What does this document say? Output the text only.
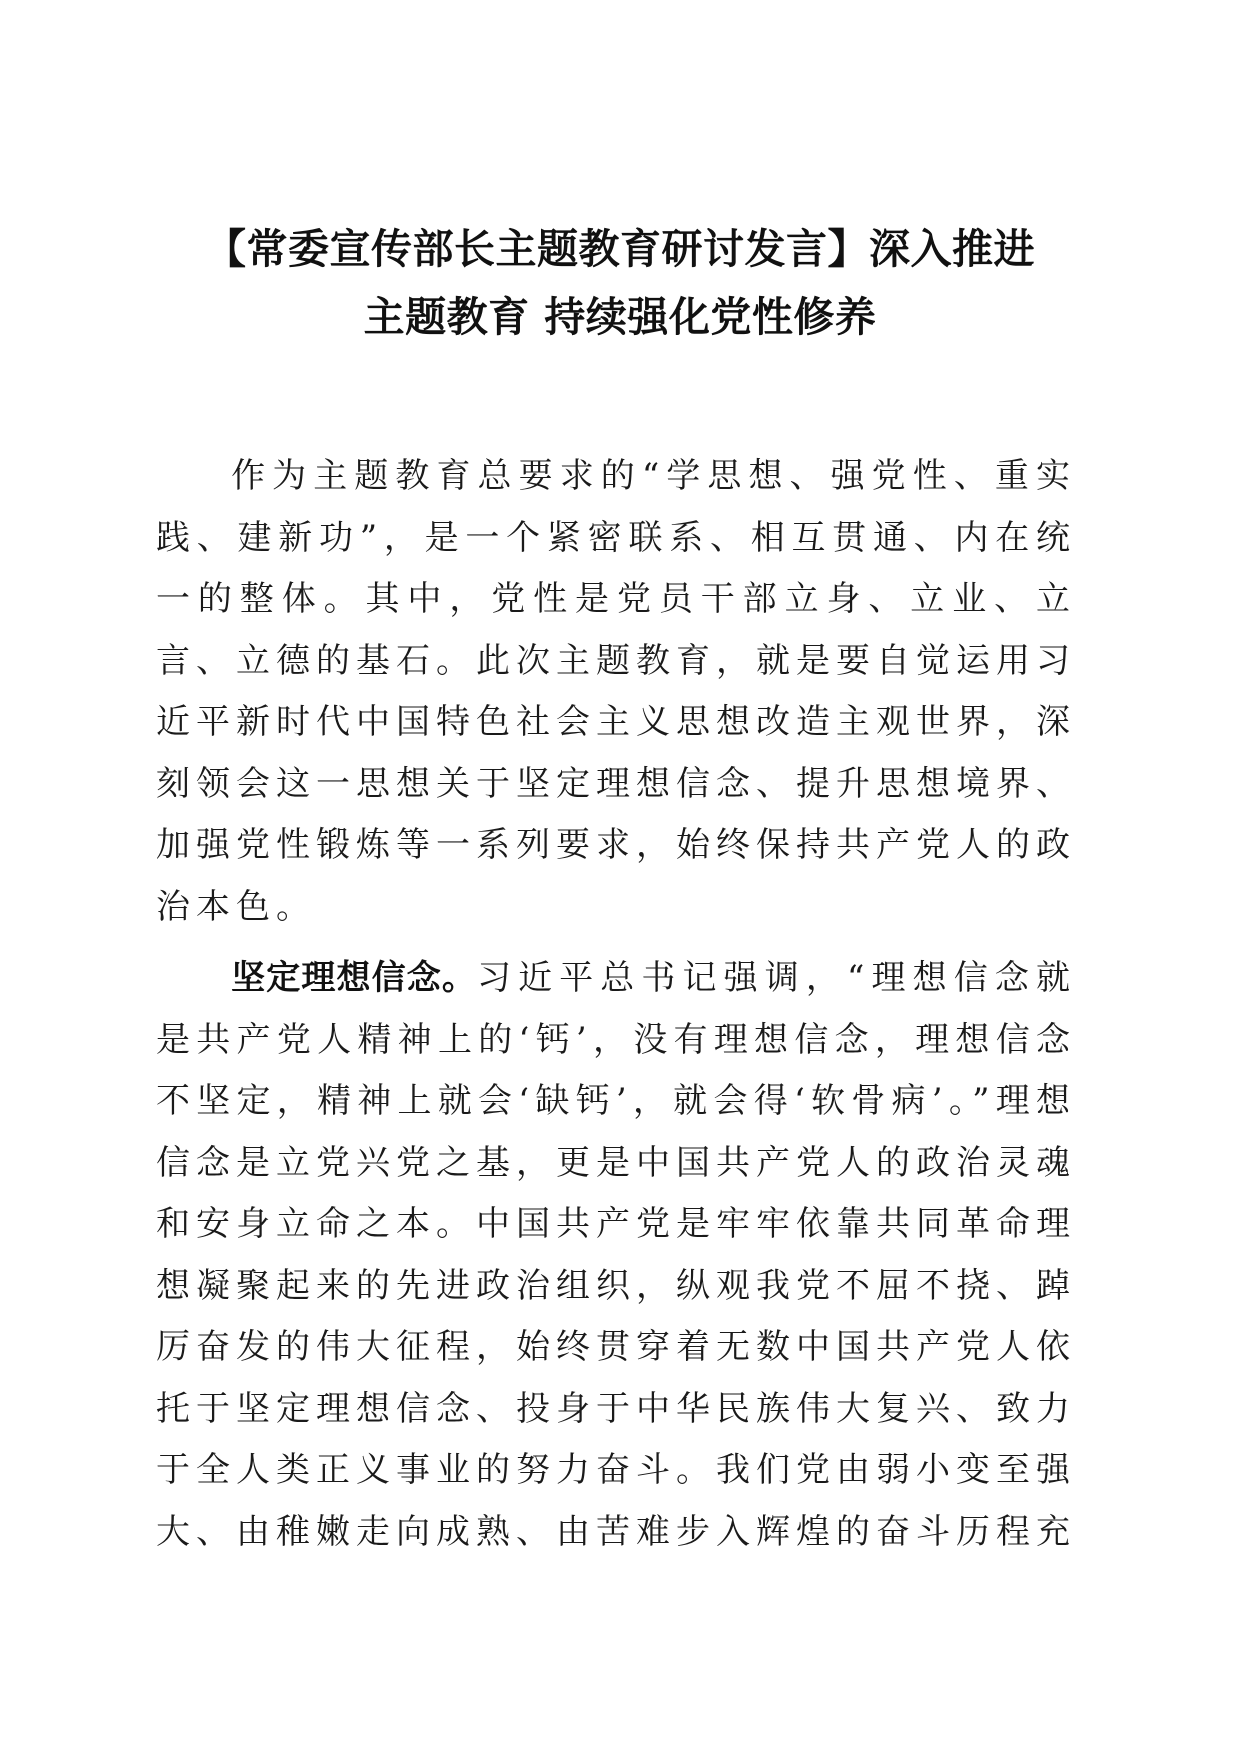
【常委宣传部长主题教育研讨发言】深入推进
主题教育 持续强化党性修养

作为主题教育总要求的“学思想、强党性、重实践、建新功”，是一个紧密联系、相互贯通、内在统一的整体。其中，党性是党员干部立身、立业、立言、立德的基石。此次主题教育，就是要自觉运用习近平新时代中国特色社会主义思想改造主观世界，深刻领会这一思想关于坚定理想信念、提升思想境界、加强党性锻炼等一系列要求，始终保持共产党人的政治本色。

坚定理想信念。习近平总书记强调，“理想信念就是共产党人精神上的‘钙’，没有理想信念，理想信念不坚定，精神上就会‘缺钙’，就会得‘软骨病’。”理想信念是立党兴党之基，更是中国共产党人的政治灵魂和安身立命之本。中国共产党是牢牢依靠共同革命理想凝聚起来的先进政治组织，纵观我党不屈不挠、踔厉奋发的伟大征程，始终贯穿着无数中国共产党人依托于坚定理想信念、投身于中华民族伟大复兴、致力于全人类正义事业的努力奋斗。我们党由弱小变至强大、由稚嫩走向成熟、由苦难步入辉煌的奋斗历程充
